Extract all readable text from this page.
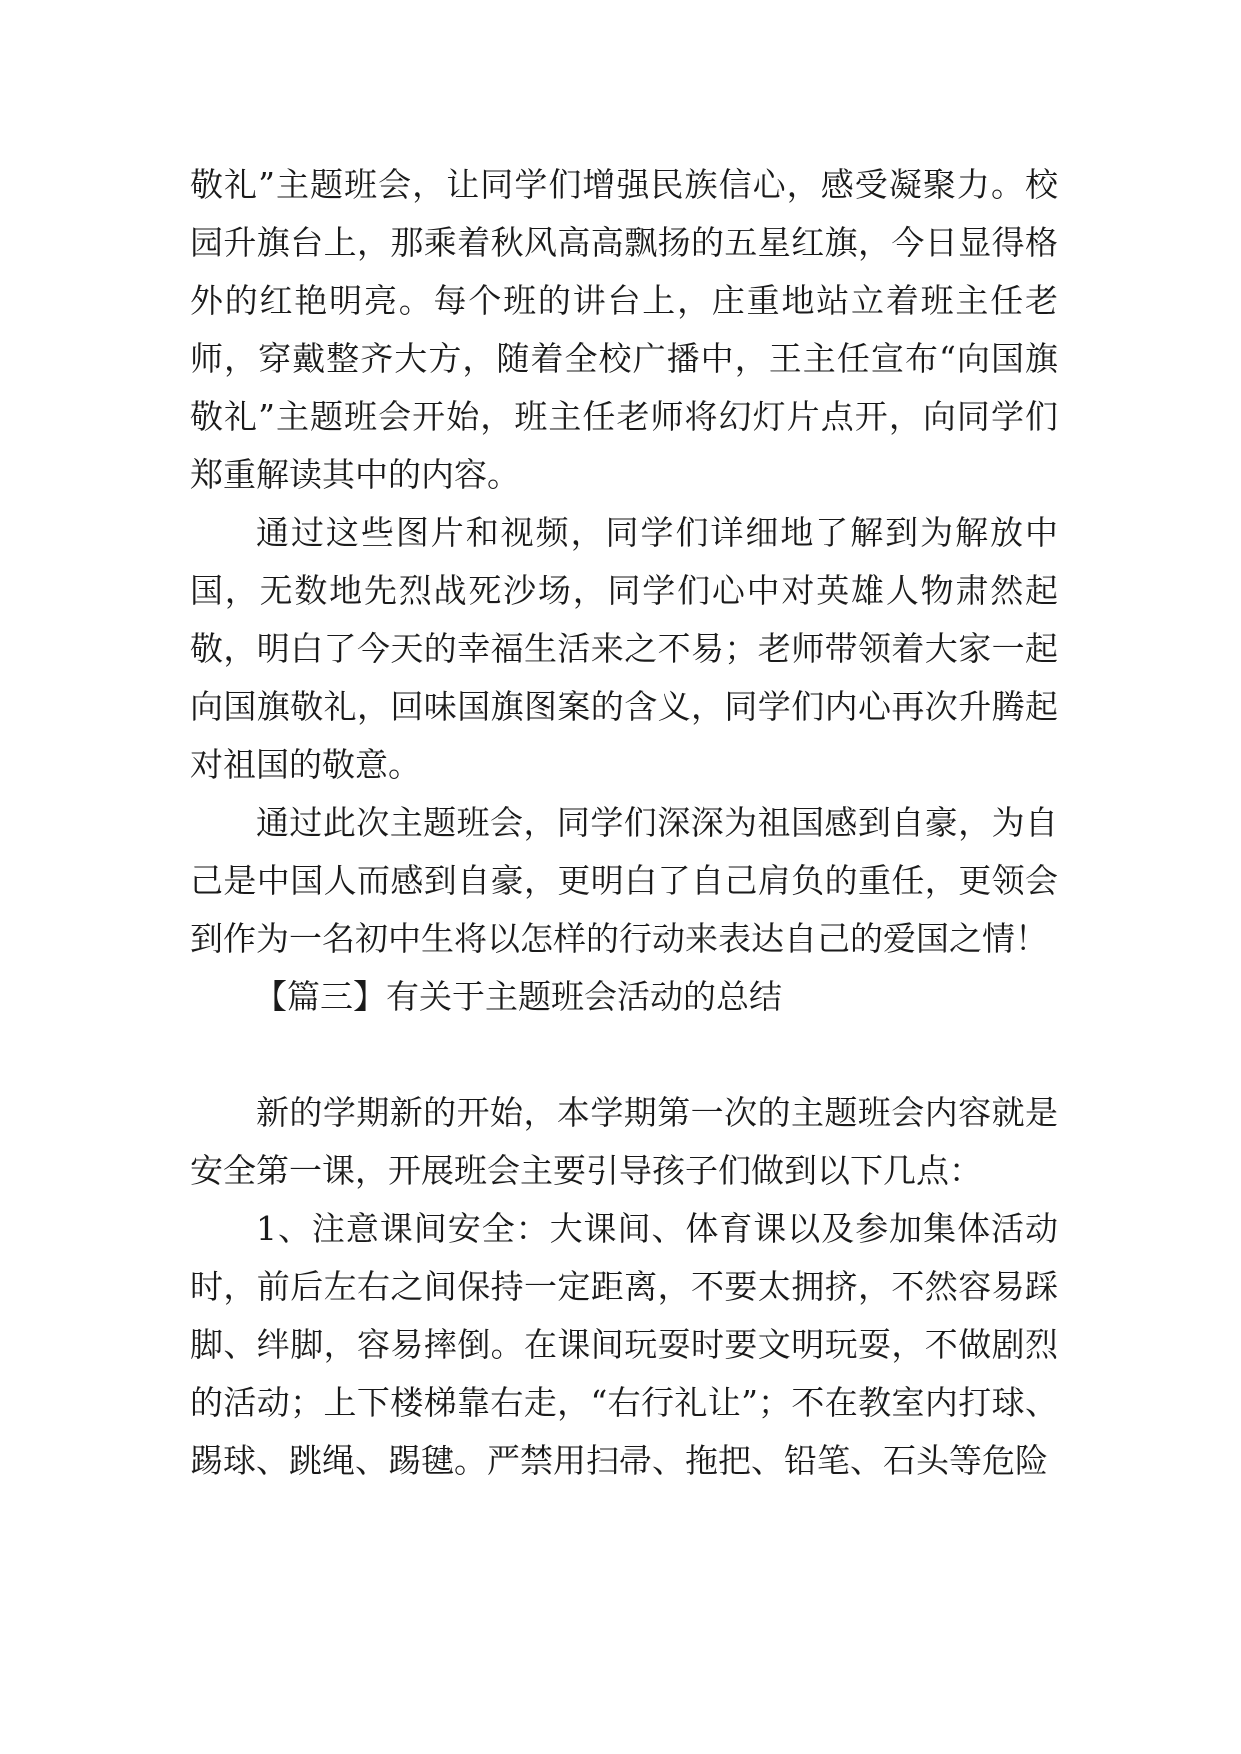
敬礼”主题班会，让同学们增强民族信心，感受凝聚力。校园升旗台上，那乘着秋风高高飘扬的五星红旗，今日显得格外的红艳明亮。每个班的讲台上，庄重地站立着班主任老师，穿戴整齐大方，随着全校广播中，王主任宣布“向国旗敬礼”主题班会开始，班主任老师将幻灯片点开，向同学们郑重解读其中的内容。

通过这些图片和视频，同学们详细地了解到为解放中国，无数地先烈战死沙场，同学们心中对英雄人物肃然起敬，明白了今天的幸福生活来之不易；老师带领着大家一起向国旗敬礼，回味国旗图案的含义，同学们内心再次升腾起对祖国的敬意。

通过此次主题班会，同学们深深为祖国感到自豪，为自己是中国人而感到自豪，更明白了自己肩负的重任，更领会到作为一名初中生将以怎样的行动来表达自己的爱国之情！

【篇三】有关于主题班会活动的总结

新的学期新的开始，本学期第一次的主题班会内容就是安全第一课，开展班会主要引导孩子们做到以下几点：

1、注意课间安全：大课间、体育课以及参加集体活动时，前后左右之间保持一定距离，不要太拥挤，不然容易踩脚、绊脚，容易摔倒。在课间玩耍时要文明玩耍，不做剧烈的活动；上下楼梯靠右走，“右行礼让”；不在教室内打球、踢球、跳绳、踢毽。严禁用扫帚、拖把、铅笔、石头等危险
